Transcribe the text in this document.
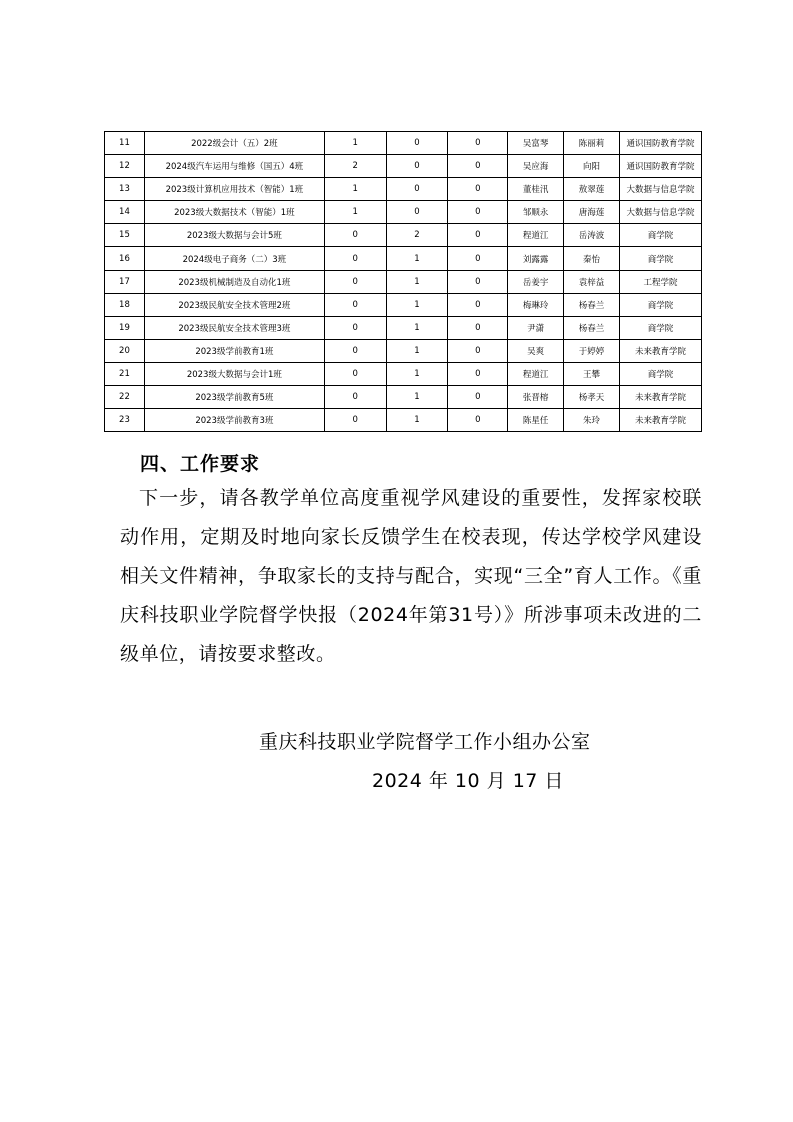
11	2022级会计（五）2班	1	0	0	吴富琴	陈丽莉	通识国防教育学院
12	2024级汽车运用与维修（国五）4班	2	0	0	吴应海	向阳	通识国防教育学院
13	2023级计算机应用技术（智能）1班	1	0	0	董桂汛	敖翠莲	大数据与信息学院
14	2023级大数据技术（智能）1班	1	0	0	邹顺永	唐海莲	大数据与信息学院
15	2023级大数据与会计5班	0	2	0	程道江	岳涛波	商学院
16	2024级电子商务（二）3班	0	1	0	刘露露	秦怡	商学院
17	2023级机械制造及自动化1班	0	1	0	岳姜宇	袁梓益	工程学院
18	2023级民航安全技术管理2班	0	1	0	梅琳玲	杨春兰	商学院
19	2023级民航安全技术管理3班	0	1	0	尹潇	杨春兰	商学院
20	2023级学前教育1班	0	1	0	吴爽	于婷婷	未来教育学院
21	2023级大数据与会计1班	0	1	0	程道江	王攀	商学院
22	2023级学前教育5班	0	1	0	张晋榕	杨孝天	未来教育学院
23	2023级学前教育3班	0	1	0	陈星任	朱玲	未来教育学院
四、工作要求
下一步，请各教学单位高度重视学风建设的重要性，发挥家校联动作用，定期及时地向家长反馈学生在校表现，传达学校学风建设相关文件精神，争取家长的支持与配合，实现“三全”育人工作。《重庆科技职业学院督学快报（2024年第31号）》所涉事项未改进的二级单位，请按要求整改。
重庆科技职业学院督学工作小组办公室
2024 年 10 月 17 日
